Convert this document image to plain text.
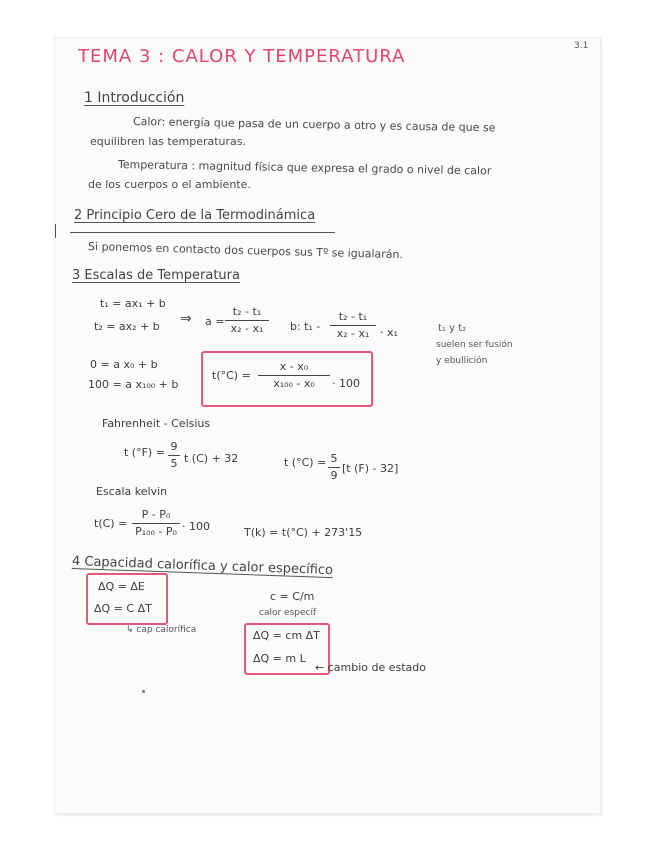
3.1
TEMA 3 : CALOR Y TEMPERATURA
1 Introducción
Calor: energía que pasa de un cuerpo a otro y es causa de que se
equilibren las temperaturas.
Temperatura : magnitud física que expresa el grado o nivel de calor
de los cuerpos o el ambiente.
2 Principio Cero de la Termodinámica
Si ponemos en contacto dos cuerpos sus Tº se igualarán.
3 Escalas de Temperatura
t₁ = ax₁ + b
t₂ = ax₂ + b ⇒ a =
t₂ - t₁
x₂ - x₁	b: t₁ -
t₂ - t₁
x₂ - x₁ · x₁	t₁ y t₂
suelen ser fusión
y ebullición
0 = a x₀ + b
100 = a x₁₀₀ + b
t(°C) =
x - x₀
x₁₀₀ - x₀	· 100
Fahrenheit - Celsius
t (°F) = 9
5 t (C) + 32	t (°C) = 5
9
[t (F) - 32]
Escala kelvin
t(C) =
P - P₀
P₁₀₀ - P₀ · 100	T(k) = t(°C) + 273'15
4 Capacidad calorífica y calor específico
ΔQ = ΔE
ΔQ = C ΔT
↳ cap calorífica
c = C/m
calor específ
ΔQ = cm ΔT
ΔQ = m L
← cambio de estado
